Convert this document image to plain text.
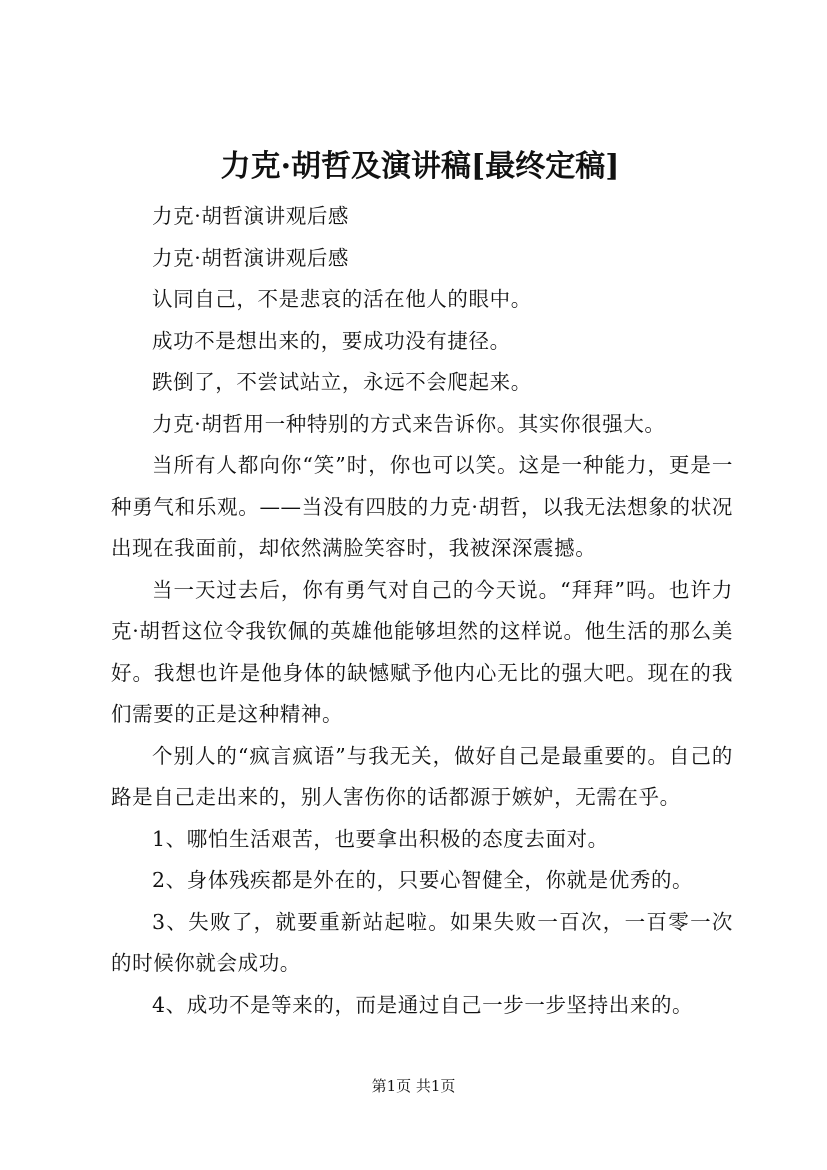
力克·胡哲及演讲稿[最终定稿]

力克·胡哲演讲观后感

力克·胡哲演讲观后感

认同自己，不是悲哀的活在他人的眼中。

成功不是想出来的，要成功没有捷径。

跌倒了，不尝试站立，永远不会爬起来。

力克·胡哲用一种特别的方式来告诉你。其实你很强大。

当所有人都向你“笑”时，你也可以笑。这是一种能力，更是一种勇气和乐观。——当没有四肢的力克·胡哲，以我无法想象的状况出现在我面前，却依然满脸笑容时，我被深深震撼。

当一天过去后，你有勇气对自己的今天说。“拜拜”吗。也许力克·胡哲这位令我钦佩的英雄他能够坦然的这样说。他生活的那么美好。我想也许是他身体的缺憾赋予他内心无比的强大吧。现在的我们需要的正是这种精神。

个别人的“疯言疯语”与我无关，做好自己是最重要的。自己的路是自己走出来的，别人害伤你的话都源于嫉妒，无需在乎。

1、哪怕生活艰苦，也要拿出积极的态度去面对。

2、身体残疾都是外在的，只要心智健全，你就是优秀的。

3、失败了，就要重新站起啦。如果失败一百次，一百零一次的时候你就会成功。

4、成功不是等来的，而是通过自己一步一步坚持出来的。

第1页 共1页
